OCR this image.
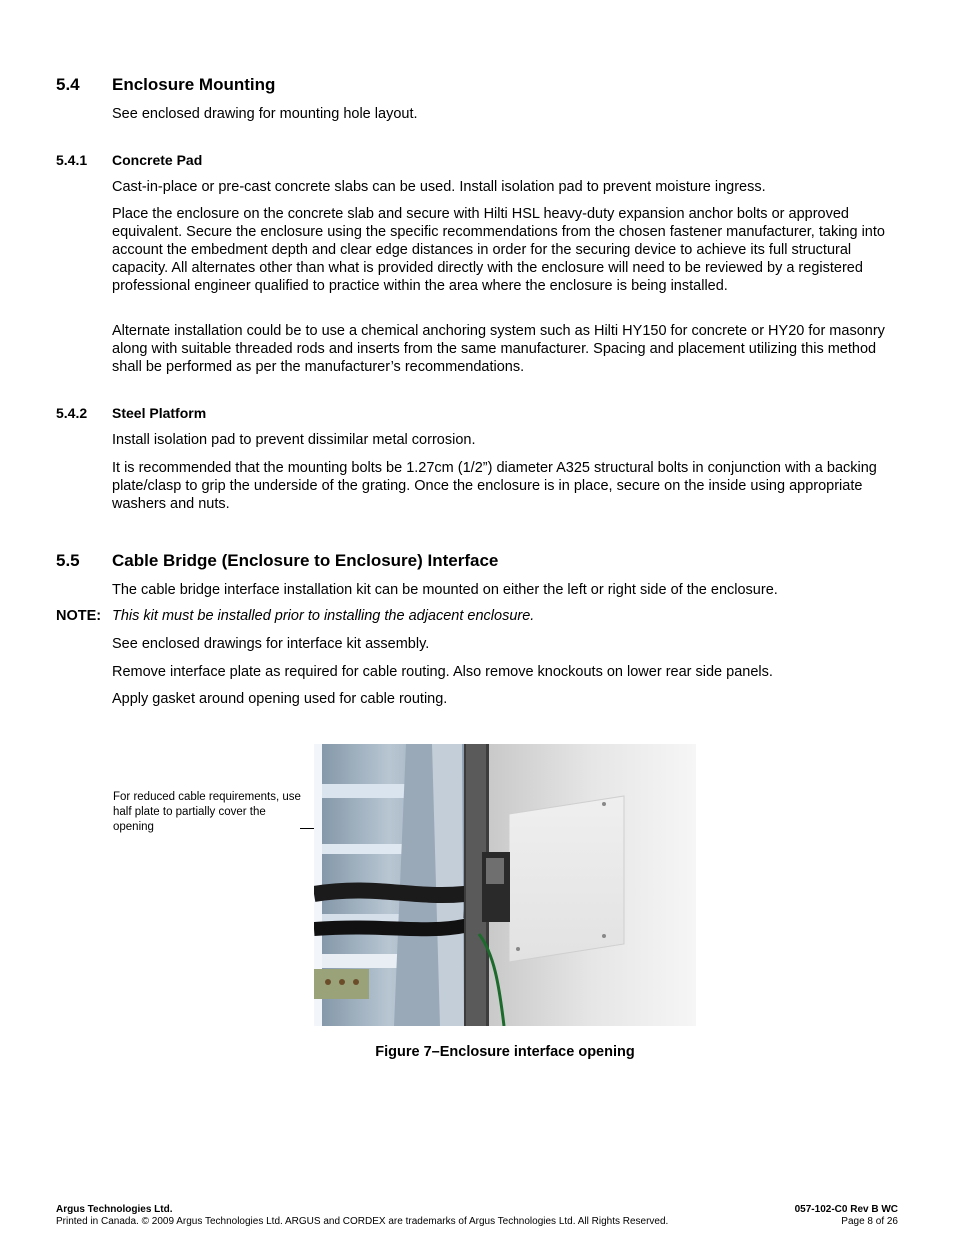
5.4 Enclosure Mounting
See enclosed drawing for mounting hole layout.
5.4.1 Concrete Pad
Cast-in-place or pre-cast concrete slabs can be used. Install isolation pad to prevent moisture ingress.
Place the enclosure on the concrete slab and secure with Hilti HSL heavy-duty expansion anchor bolts or approved equivalent. Secure the enclosure using the specific recommendations from the chosen fastener manufacturer, taking into account the embedment depth and clear edge distances in order for the securing device to achieve its full structural capacity. All alternates other than what is provided directly with the enclosure will need to be reviewed by a registered professional engineer qualified to practice within the area where the enclosure is being installed.
Alternate installation could be to use a chemical anchoring system such as Hilti HY150 for concrete or HY20 for masonry along with suitable threaded rods and inserts from the same manufacturer. Spacing and placement utilizing this method shall be performed as per the manufacturer’s recommendations.
5.4.2 Steel Platform
Install isolation pad to prevent dissimilar metal corrosion.
It is recommended that the mounting bolts be 1.27cm (1/2”) diameter A325 structural bolts in conjunction with a backing plate/clasp to grip the underside of the grating. Once the enclosure is in place, secure on the inside using appropriate washers and nuts.
5.5 Cable Bridge (Enclosure to Enclosure) Interface
The cable bridge interface installation kit can be mounted on either the left or right side of the enclosure.
NOTE: This kit must be installed prior to installing the adjacent enclosure.
See enclosed drawings for interface kit assembly.
Remove interface plate as required for cable routing. Also remove knockouts on lower rear side panels.
Apply gasket around opening used for cable routing.
For reduced cable requirements, use half plate to partially cover the opening
Figure 7–Enclosure interface opening
Argus Technologies Ltd.
Printed in Canada. © 2009 Argus Technologies Ltd. ARGUS and CORDEX are trademarks of Argus Technologies Ltd. All Rights Reserved.
057-102-C0 Rev B WC
Page 8 of 26
